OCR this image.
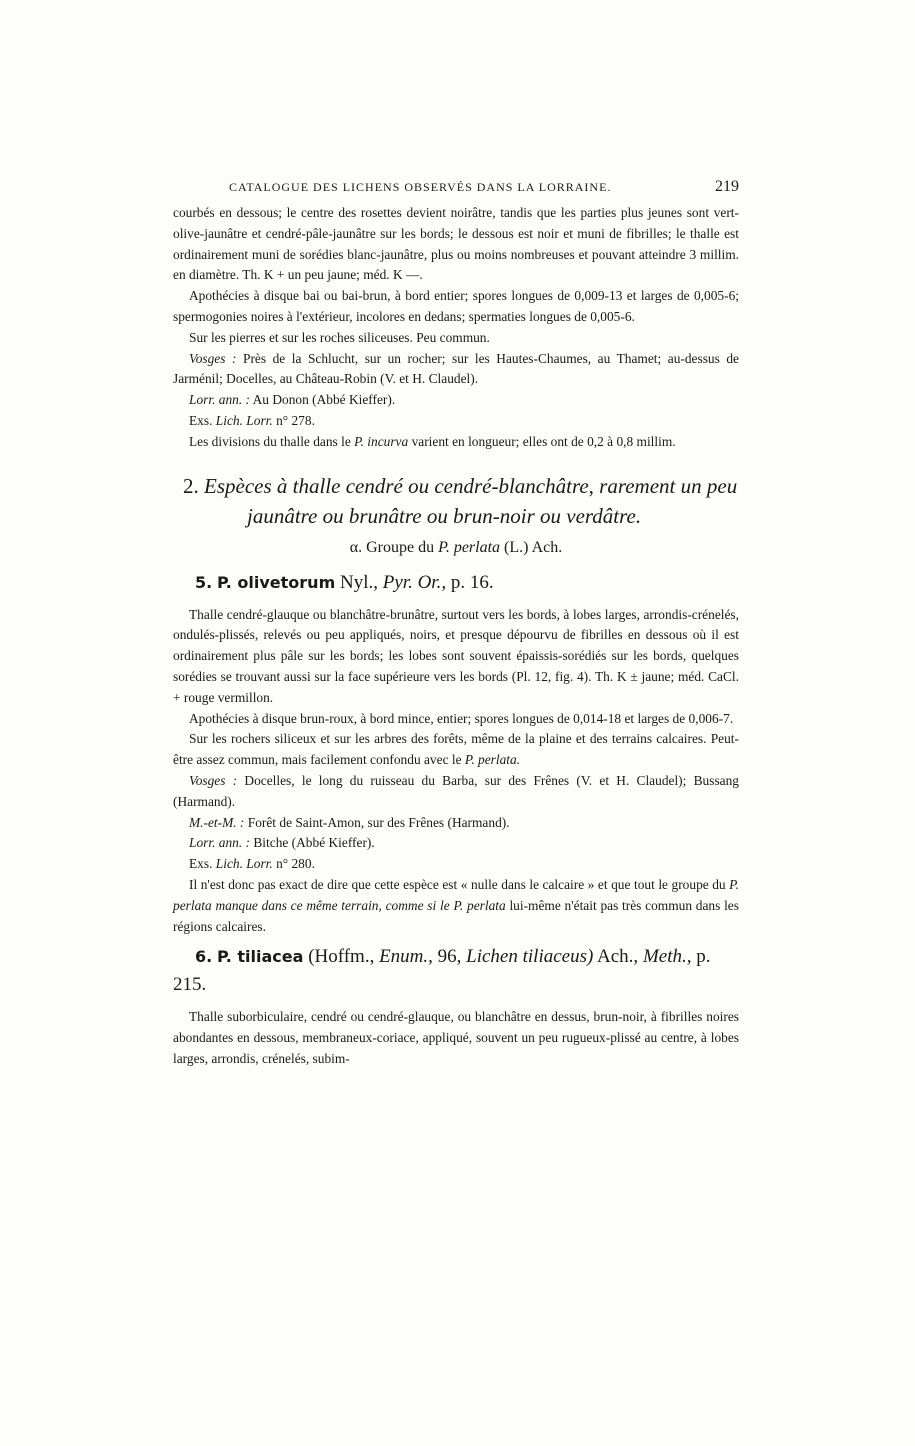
CATALOGUE DES LICHENS OBSERVÉS DANS LA LORRAINE.	219

courbés en dessous; le centre des rosettes devient noirâtre, tandis que les parties plus jeunes sont vert-olive-jaunâtre et cendré-pâle-jaunâtre sur les bords; le dessous est noir et muni de fibrilles; le thalle est ordinairement muni de sorédies blanc-jaunâtre, plus ou moins nombreuses et pouvant atteindre 3 millim. en diamètre. Th. K + un peu jaune; méd. K —.

Apothécies à disque bai ou bai-brun, à bord entier; spores longues de 0,009-13 et larges de 0,005-6; spermogonies noires à l'extérieur, incolores en dedans; spermaties longues de 0,005-6.

Sur les pierres et sur les roches siliceuses. Peu commun.

Vosges : Près de la Schlucht, sur un rocher; sur les Hautes-Chaumes, au Thamet; au-dessus de Jarménil; Docelles, au Château-Robin (V. et H. Claudel).

Lorr. ann. : Au Donon (Abbé Kieffer).

Exs. Lich. Lorr. n° 278.

Les divisions du thalle dans le P. incurva varient en longueur; elles ont de 0,2 à 0,8 millim.

2. Espèces à thalle cendré ou cendré-blanchâtre, rarement un peu
jaunâtre ou brunâtre ou brun-noir ou verdâtre.
α. Groupe du P. perlata (L.) Ach.
5. P. olivetorum Nyl., Pyr. Or., p. 16.

Thalle cendré-glauque ou blanchâtre-brunâtre, surtout vers les bords, à lobes larges, arrondis-crénelés, ondulés-plissés, relevés ou peu appliqués, noirs, et presque dépourvu de fibrilles en dessous où il est ordinairement plus pâle sur les bords; les lobes sont souvent épaissis-sorédiés sur les bords, quelques sorédies se trouvant aussi sur la face supérieure vers les bords (Pl. 12, fig. 4). Th. K ± jaune; méd. CaCl. + rouge vermillon.

Apothécies à disque brun-roux, à bord mince, entier; spores longues de 0,014-18 et larges de 0,006-7.

Sur les rochers siliceux et sur les arbres des forêts, même de la plaine et des terrains calcaires. Peut-être assez commun, mais facilement confondu avec le P. perlata.

Vosges : Docelles, le long du ruisseau du Barba, sur des Frênes (V. et H. Claudel); Bussang (Harmand).

M.-et-M. : Forêt de Saint-Amon, sur des Frênes (Harmand).

Lorr. ann. : Bitche (Abbé Kieffer).

Exs. Lich. Lorr. n° 280.

Il n'est donc pas exact de dire que cette espèce est « nulle dans le calcaire » et que tout le groupe du P. perlata manque dans ce même terrain, comme si le P. perlata lui-même n'était pas très commun dans les régions calcaires.

6. P. tiliacea (Hoffm., Enum., 96, Lichen tiliaceus) Ach., Meth., p. 215.

Thalle suborbiculaire, cendré ou cendré-glauque, ou blanchâtre en dessus, brun-noir, à fibrilles noires abondantes en dessous, membraneux-coriace, appliqué, souvent un peu rugueux-plissé au centre, à lobes larges, arrondis, crénelés, subim-
